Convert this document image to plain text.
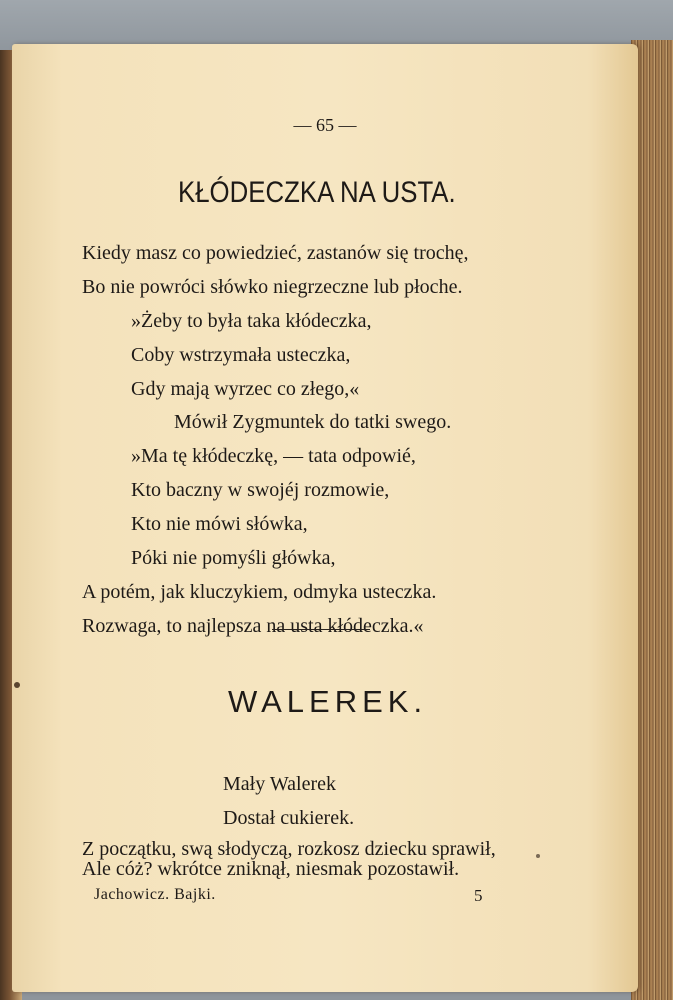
— 65 —
KŁÓDECZKA NA USTA.
Kiedy masz co powiedzieć, zastanów się trochę,
Bo nie powróci słówko niegrzeczne lub płoche.
»Żeby to była taka kłódeczka,
Coby wstrzymała usteczka,
Gdy mają wyrzec co złego,«
Mówił Zygmuntek do tatki swego.
»Ma tę kłódeczkę, — tata odpowié,
Kto baczny w swojéj rozmowie,
Kto nie mówi słówka,
Póki nie pomyśli główka,
A potém, jak kluczykiem, odmyka usteczka.
Rozwaga, to najlepsza na usta kłódeczka.«
WALEREK.
Mały Walerek
Dostał cukierek.
Z początku, swą słodyczą, rozkosz dziecku sprawił,
Ale cóż? wkrótce zniknął, niesmak pozostawił.
Jachowicz. Bajki.	5
